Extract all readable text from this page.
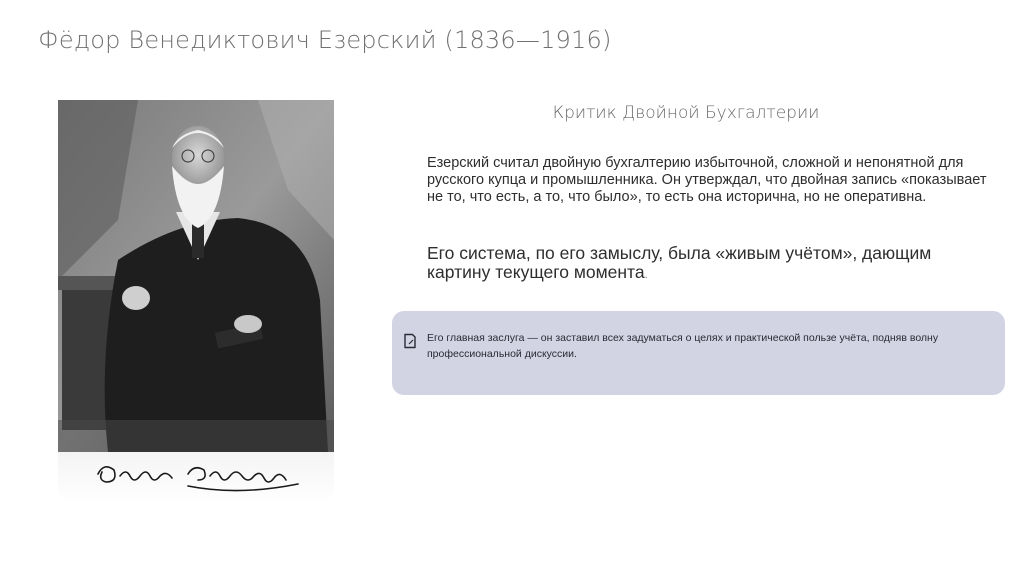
Фёдор Венедиктович Езерский (1836—1916)
Критик Двойной Бухгалтерии
Езерский считал двойную бухгалтерию избыточной, сложной и непонятной для русского купца и промышленника. Он утверждал, что двойная запись «показывает не то, что есть, а то, что было», то есть она исторична, но не оперативна.
Его система, по его замыслу, была «живым учётом», дающим картину текущего момента.
Его главная заслуга — он заставил всех задуматься о целях и практической пользе учёта, подняв волну профессиональной дискуссии.
